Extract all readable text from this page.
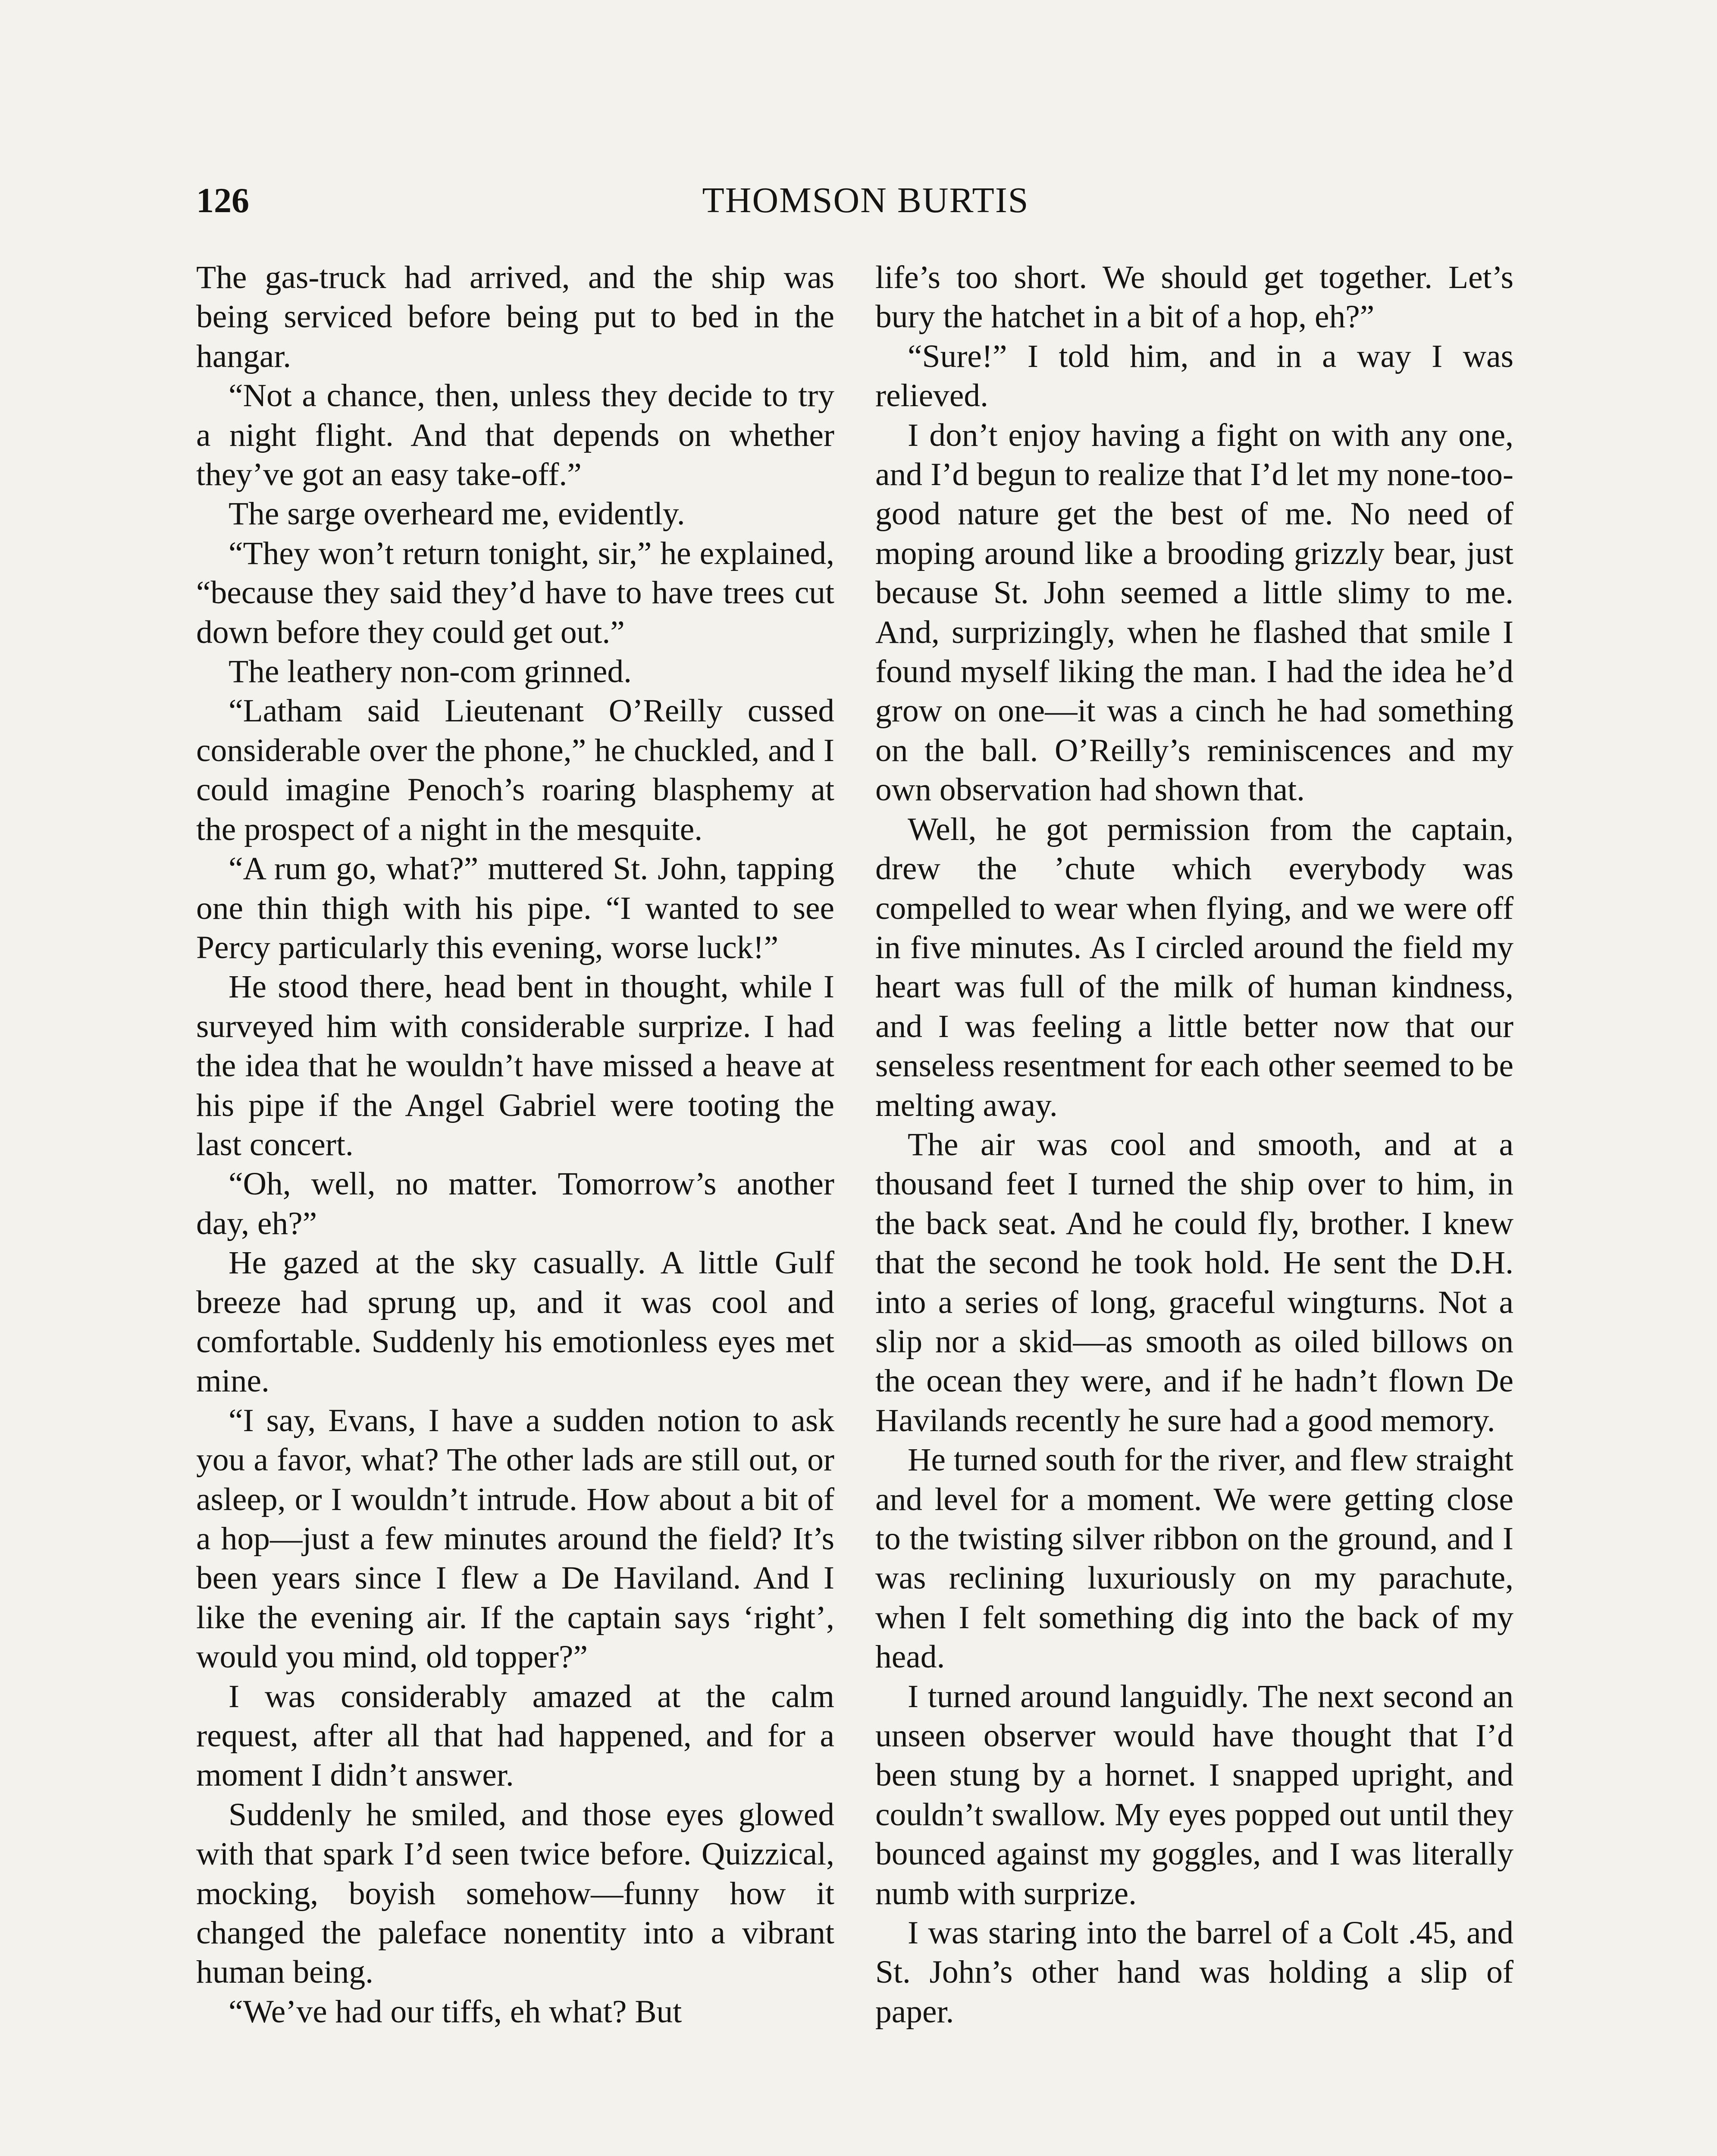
126	THOMSON BURTIS

The gas-truck had arrived, and the ship was being serviced before being put to bed in the hangar.

“Not a chance, then, unless they decide to try a night flight. And that depends on whether they’ve got an easy take-off.”

The sarge overheard me, evidently.

“They won’t return tonight, sir,” he explained, “because they said they’d have to have trees cut down before they could get out.”

The leathery non-com grinned.

“Latham said Lieutenant O’Reilly cussed considerable over the phone,” he chuckled, and I could imagine Penoch’s roaring blasphemy at the prospect of a night in the mesquite.

“A rum go, what?” muttered St. John, tapping one thin thigh with his pipe. “I wanted to see Percy particularly this evening, worse luck!”

He stood there, head bent in thought, while I surveyed him with considerable surprize. I had the idea that he wouldn’t have missed a heave at his pipe if the Angel Gabriel were tooting the last concert.

“Oh, well, no matter. Tomorrow’s another day, eh?”

He gazed at the sky casually. A little Gulf breeze had sprung up, and it was cool and comfortable. Suddenly his emotionless eyes met mine.

“I say, Evans, I have a sudden notion to ask you a favor, what? The other lads are still out, or asleep, or I wouldn’t intrude. How about a bit of a hop—just a few minutes around the field? It’s been years since I flew a De Haviland. And I like the evening air. If the captain says ‘right’, would you mind, old topper?”

I was considerably amazed at the calm request, after all that had happened, and for a moment I didn’t answer.

Suddenly he smiled, and those eyes glowed with that spark I’d seen twice before. Quizzical, mocking, boyish somehow—funny how it changed the paleface nonentity into a vibrant human being.

“We’ve had our tiffs, eh what? But

life’s too short. We should get together. Let’s bury the hatchet in a bit of a hop, eh?”

“Sure!” I told him, and in a way I was relieved.

I don’t enjoy having a fight on with any one, and I’d begun to realize that I’d let my none-too-good nature get the best of me. No need of moping around like a brooding grizzly bear, just because St. John seemed a little slimy to me. And, surprizingly, when he flashed that smile I found myself liking the man. I had the idea he’d grow on one—it was a cinch he had something on the ball. O’Reilly’s reminiscences and my own observation had shown that.

Well, he got permission from the captain, drew the ’chute which everybody was compelled to wear when flying, and we were off in five minutes. As I circled around the field my heart was full of the milk of human kindness, and I was feeling a little better now that our senseless resentment for each other seemed to be melting away.

The air was cool and smooth, and at a thousand feet I turned the ship over to him, in the back seat. And he could fly, brother. I knew that the second he took hold. He sent the D.H. into a series of long, graceful wingturns. Not a slip nor a skid—as smooth as oiled billows on the ocean they were, and if he hadn’t flown De Havilands recently he sure had a good memory.

He turned south for the river, and flew straight and level for a moment. We were getting close to the twisting silver ribbon on the ground, and I was reclining luxuriously on my parachute, when I felt something dig into the back of my head.

I turned around languidly. The next second an unseen observer would have thought that I’d been stung by a hornet. I snapped upright, and couldn’t swallow. My eyes popped out until they bounced against my goggles, and I was literally numb with surprize.

I was staring into the barrel of a Colt .45, and St. John’s other hand was holding a slip of paper.
